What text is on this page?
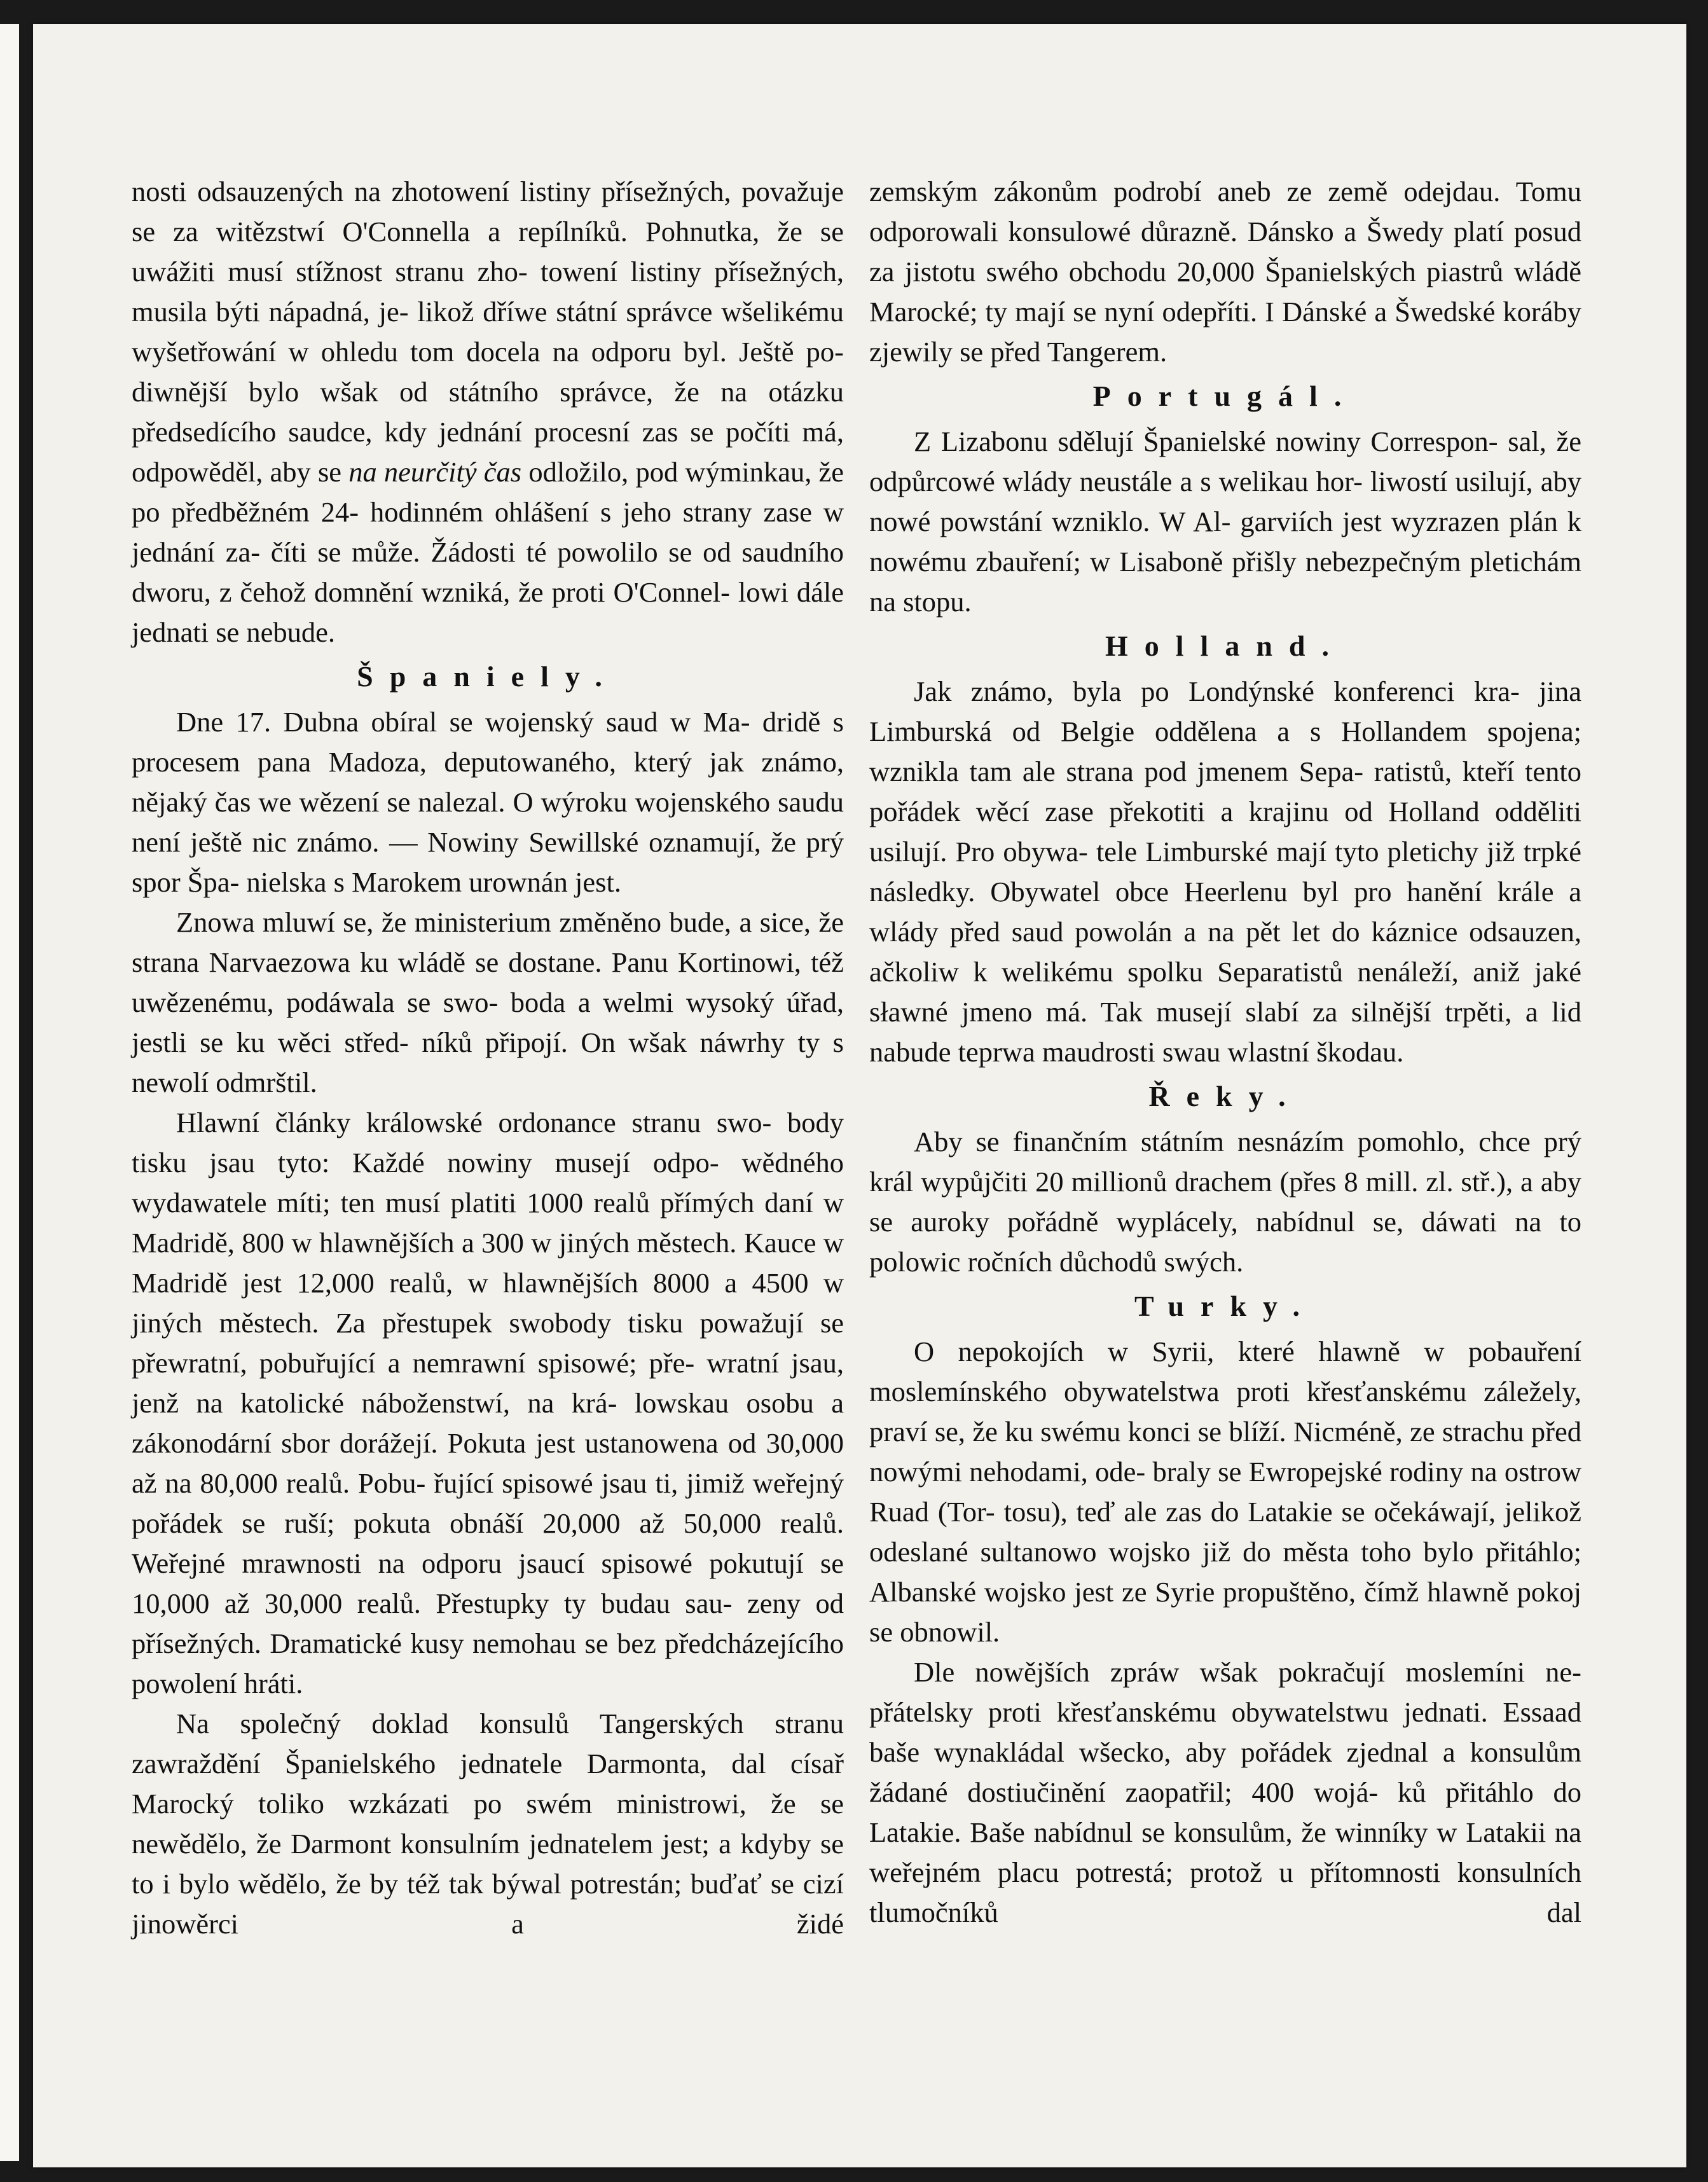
nosti odsauzených na zhotowení listiny přísežných, považuje se za witězstwí O'Connella a repílníků. Pohnutka, že se uwážiti musí stížnost stranu zho- towení listiny přísežných, musila býti nápadná, je- likož dříwe státní správce wšelikému wyšetřowání w ohledu tom docela na odporu byl. Ještě po- diwnější bylo wšak od státního správce, že na otázku předsedícího saudce, kdy jednání procesní zas se počíti má, odpowěděl, aby se na neurčitý čas odložilo, pod wýminkau, že po předběžném 24- hodinném ohlášení s jeho strany zase w jednání za- číti se může. Žádosti té powolilo se od saudního dworu, z čehož domnění wzniká, že proti O'Connel- lowi dále jednati se nebude.

Španiely.

Dne 17. Dubna obíral se wojenský saud w Ma- dridě s procesem pana Madoza, deputowaného, který jak známo, nějaký čas we wězení se nalezal. O wýroku wojenského saudu není ještě nic známo. — Nowiny Sewillské oznamují, že prý spor Špa- nielska s Marokem urownán jest.

Znowa mluwí se, že ministerium změněno bude, a sice, že strana Narvaezowa ku wládě se dostane. Panu Kortinowi, též uwězenému, podáwala se swo- boda a welmi wysoký úřad, jestli se ku wěci střed- níků připojí. On wšak náwrhy ty s newolí odmrštil.

Hlawní články králowské ordonance stranu swo- body tisku jsau tyto: Každé nowiny musejí odpo- wědného wydawatele míti; ten musí platiti 1000 realů přímých daní w Madridě, 800 w hlawnějších a 300 w jiných městech. Kauce w Madridě jest 12,000 realů, w hlawnějších 8000 a 4500 w jiných městech. Za přestupek swobody tisku powažují se přewratní, pobuřující a nemrawní spisowé; pře- wratní jsau, jenž na katolické náboženstwí, na krá- lowskau osobu a zákonodární sbor dorážejí. Pokuta jest ustanowena od 30,000 až na 80,000 realů. Pobu- řující spisowé jsau ti, jimiž weřejný pořádek se ruší; pokuta obnáší 20,000 až 50,000 realů. Weřejné mrawnosti na odporu jsaucí spisowé pokutují se 10,000 až 30,000 realů. Přestupky ty budau sau- zeny od přísežných. Dramatické kusy nemohau se bez předcházejícího powolení hráti.

Na společný doklad konsulů Tangerských stranu zawraždění Španielského jednatele Darmonta, dal císař Marocký toliko wzkázati po swém ministrowi, že se newědělo, že Darmont konsulním jednatelem jest; a kdyby se to i bylo wědělo, že by též tak býwal potrestán; buďať se cizí jinowěrci a židé

zemským zákonům podrobí aneb ze země odejdau. Tomu odporowali konsulowé důrazně. Dánsko a Šwedy platí posud za jistotu swého obchodu 20,000 Španielských piastrů wládě Marocké; ty mají se nyní odepříti. I Dánské a Šwedské koráby zjewily se před Tangerem.

Portugál.

Z Lizabonu sdělují Španielské nowiny Correspon- sal, že odpůrcowé wlády neustále a s welikau hor- liwostí usilují, aby nowé powstání wzniklo. W Al- garviích jest wyzrazen plán k nowému zbauření; w Lisaboně přišly nebezpečným pletichám na stopu.

Holland.

Jak známo, byla po Londýnské konferenci kra- jina Limburská od Belgie oddělena a s Hollandem spojena; wznikla tam ale strana pod jmenem Sepa- ratistů, kteří tento pořádek wěcí zase překotiti a krajinu od Holland odděliti usilují. Pro obywa- tele Limburské mají tyto pletichy již trpké následky. Obywatel obce Heerlenu byl pro hanění krále a wlády před saud powolán a na pět let do káznice odsauzen, ačkoliw k welikému spolku Separatistů nenáleží, aniž jaké sławné jmeno má. Tak musejí slabí za silnější trpěti, a lid nabude teprwa maudrosti swau wlastní škodau.

Řeky.

Aby se finančním státním nesnázím pomohlo, chce prý král wypůjčiti 20 millionů drachem (přes 8 mill. zl. stř.), a aby se auroky pořádně wyplácely, nabídnul se, dáwati na to polowic ročních důchodů swých.

Turky.

O nepokojích w Syrii, které hlawně w pobauření moslemínského obywatelstwa proti křesťanskému záležely, praví se, že ku swému konci se blíží. Nicméně, ze strachu před nowými nehodami, ode- braly se Ewropejské rodiny na ostrow Ruad (Tor- tosu), teď ale zas do Latakie se očekáwají, jelikož odeslané sultanowo wojsko již do města toho bylo přitáhlo; Albanské wojsko jest ze Syrie propuštěno, čímž hlawně pokoj se obnowil.

Dle nowějších zpráw wšak pokračují moslemíni ne- přátelsky proti křesťanskému obywatelstwu jednati. Essaad baše wynakládal wšecko, aby pořádek zjednal a konsulům žádané dostiučinění zaopatřil; 400 wojá- ků přitáhlo do Latakie. Baše nabídnul se konsulům, že winníky w Latakii na weřejném placu potrestá; protož u přítomnosti konsulních tlumočníků dal
